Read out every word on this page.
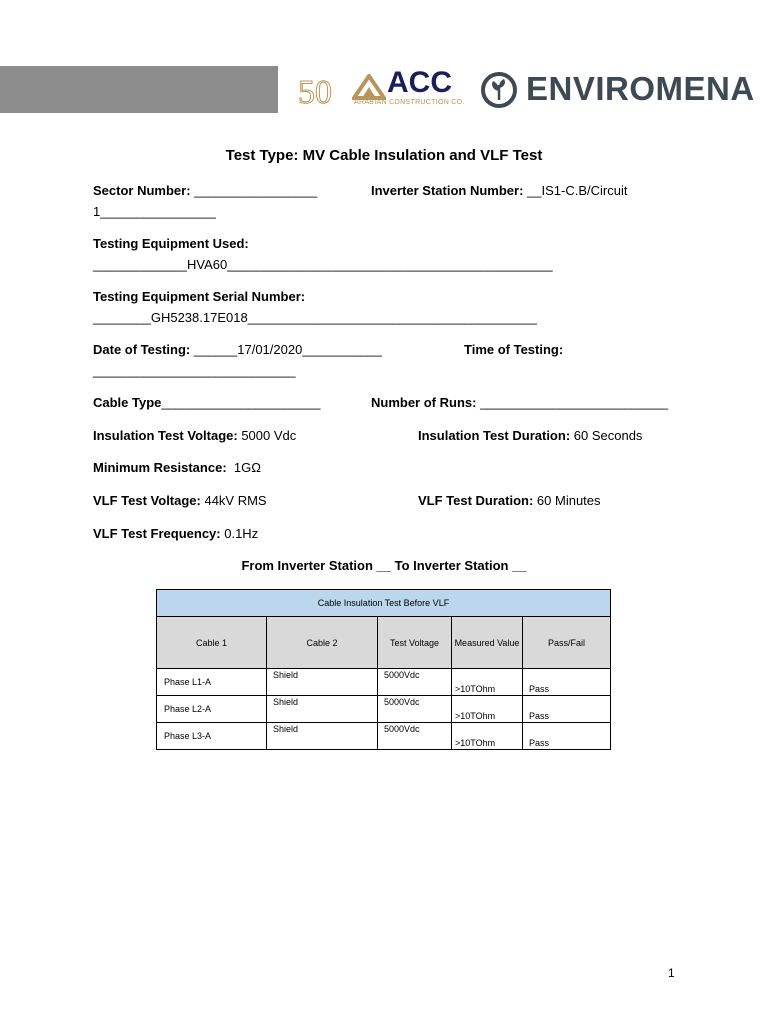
50 ACC
ARABIAN CONSTRUCTION CO. ENVIROMENA
Test Type: MV Cable Insulation and VLF Test
Sector Number: _________________	Inverter Station Number: __IS1-C.B/Circuit
1________________
Testing Equipment Used:
_____________HVA60_____________________________________________
Testing Equipment Serial Number:
________GH5238.17E018________________________________________
Date of Testing: ______17/01/2020___________	Time of Testing:
____________________________
Cable Type______________________	Number of Runs: __________________________
Insulation Test Voltage: 5000 Vdc	Insulation Test Duration: 60 Seconds
Minimum Resistance:  1GΩ
VLF Test Voltage: 44kV RMS	VLF Test Duration: 60 Minutes
VLF Test Frequency: 0.1Hz
From Inverter Station __ To Inverter Station __
Cable Insulation Test Before VLF				
Cable 1	Cable 2	Test Voltage	Measured Value	Pass/Fail
Phase L1-A	Shield	5000Vdc	>10TOhm	Pass
Phase L2-A	Shield	5000Vdc	>10TOhm	Pass
Phase L3-A	Shield	5000Vdc	>10TOhm	Pass
1
